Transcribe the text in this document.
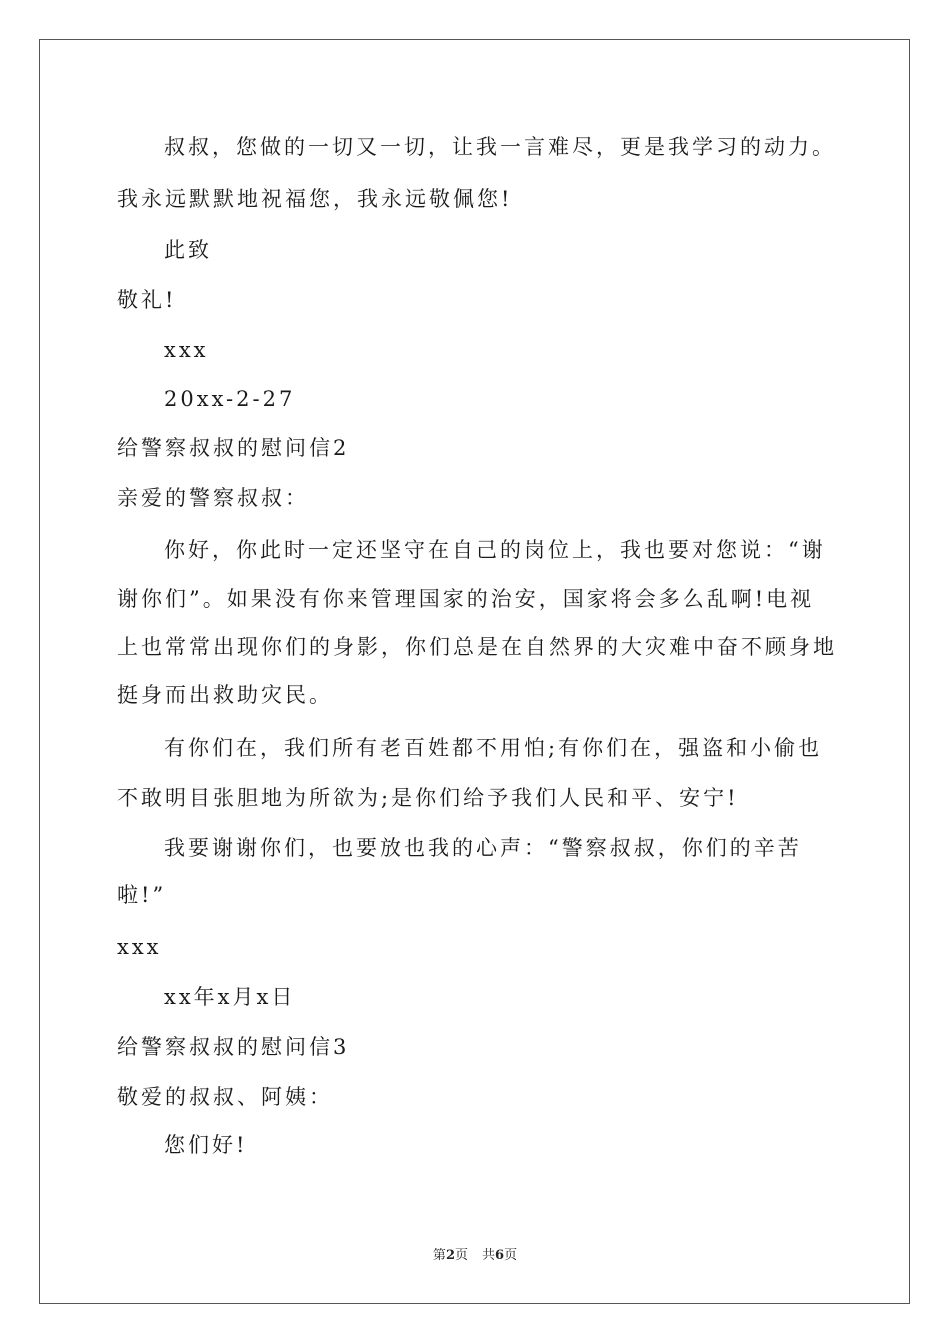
叔叔，您做的一切又一切，让我一言难尽，更是我学习的动力。
我永远默默地祝福您，我永远敬佩您!
此致
敬礼!
xxx
20xx-2-27
给警察叔叔的慰问信2
亲爱的警察叔叔：
你好，你此时一定还坚守在自己的岗位上，我也要对您说：“谢
谢你们”。如果没有你来管理国家的治安，国家将会多么乱啊!电视
上也常常出现你们的身影，你们总是在自然界的大灾难中奋不顾身地
挺身而出救助灾民。
有你们在，我们所有老百姓都不用怕;有你们在，强盗和小偷也
不敢明目张胆地为所欲为;是你们给予我们人民和平、安宁!
我要谢谢你们，也要放也我的心声：“警察叔叔，你们的辛苦
啦!”
xxx
xx年x月x日
给警察叔叔的慰问信3
敬爱的叔叔、阿姨：
您们好!
第2页 共6页
